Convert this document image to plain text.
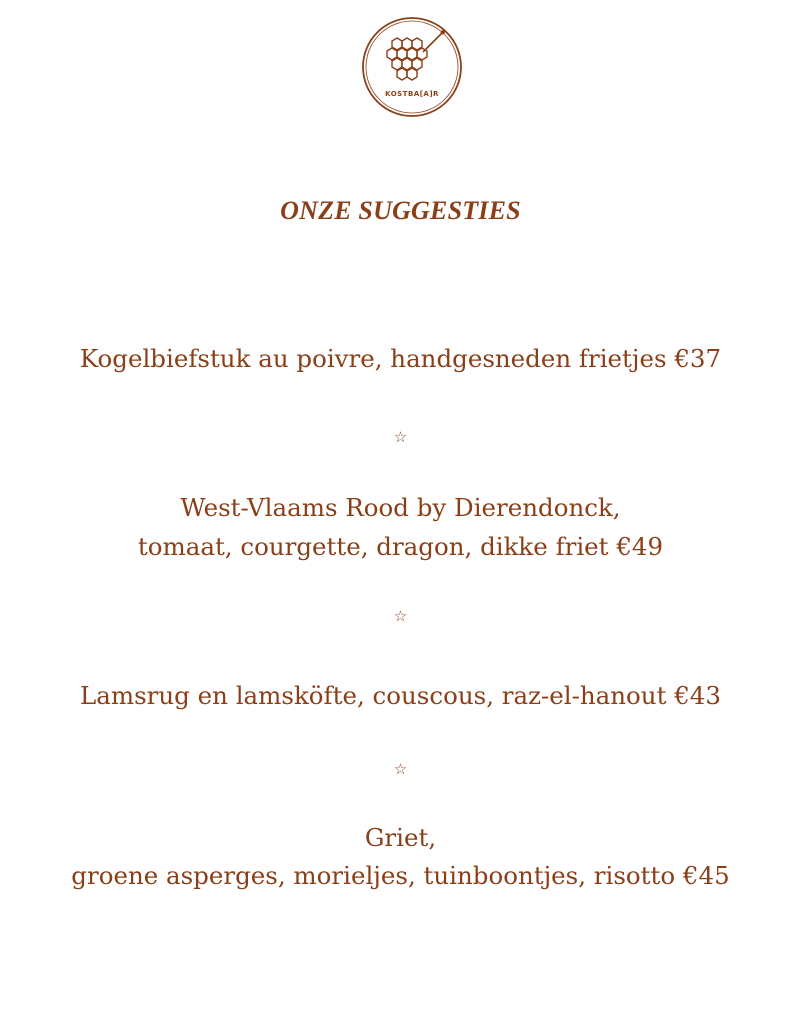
KOSTBA[A]R
ONZE SUGGESTIES
Kogelbiefstuk au poivre, handgesneden frietjes €37
☆
West-Vlaams Rood by Dierendonck,
tomaat, courgette, dragon, dikke friet €49
☆
Lamsrug en lamsköfte, couscous, raz-el-hanout €43
☆
Griet,
groene asperges, morieljes, tuinboontjes, risotto €45
